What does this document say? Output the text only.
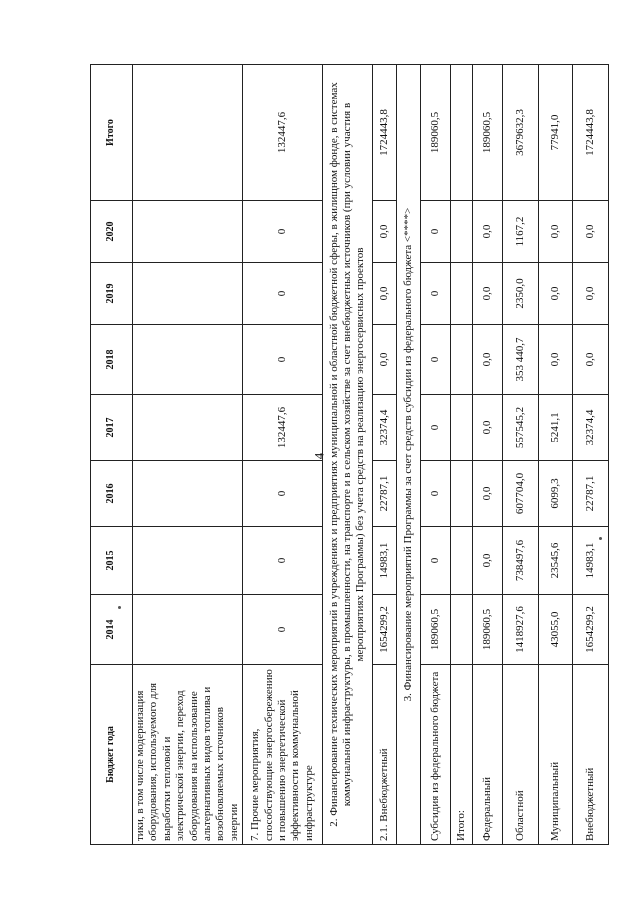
4
Бюджет года	2014	2015	2016	2017	2018	2019	2020	Итого
тики, в том числе модернизация оборудования, используемого для выработки тепловой и электрической энергии, переход оборудования на использование альтернативных видов топлива и возобновляемых источников энергии								
7. Прочие мероприятия, способствующие энергосбережению и повышению энергетической эффективности в коммунальной инфраструктуре	0	0	0	132447,6	0	0	0	132447,6
2. Финансирование технических мероприятий в учреждениях и предприятиях муниципальной и областной бюджетной сферы, в жилищном фонде, в системах коммунальной инфраструктуры, в промышленности, на транспорте и в сельском хозяйстве за счет внебюджетных источников (при условии участия в мероприятиях Программы) без учета средств на реализацию энергосервисных проектов								
2.1. Внебюджетный	1654299,2	14983,1	22787,1	32374,4	0,0	0,0	0,0	1724443,8
3. Финансирование мероприятий Программы за счет средств субсидии из федерального бюджета <****>								
Субсидия из федерального бюджета	189060,5	0	0	0	0	0	0	189060,5
Итого:								
Федеральный	189060,5	0,0	0,0	0,0	0,0	0,0	0,0	189060,5
Областной	1418927,6	738497,6	607704,0	557545,2	353 440,7	2350,0	1167,2	3679632,3
Муниципальный	43055,0	23545,6	6099,3	5241,1	0,0	0,0	0,0	77941,0
Внебюджетный	1654299,2	14983,1	22787,1	32374,4	0,0	0,0	0,0	1724443,8
